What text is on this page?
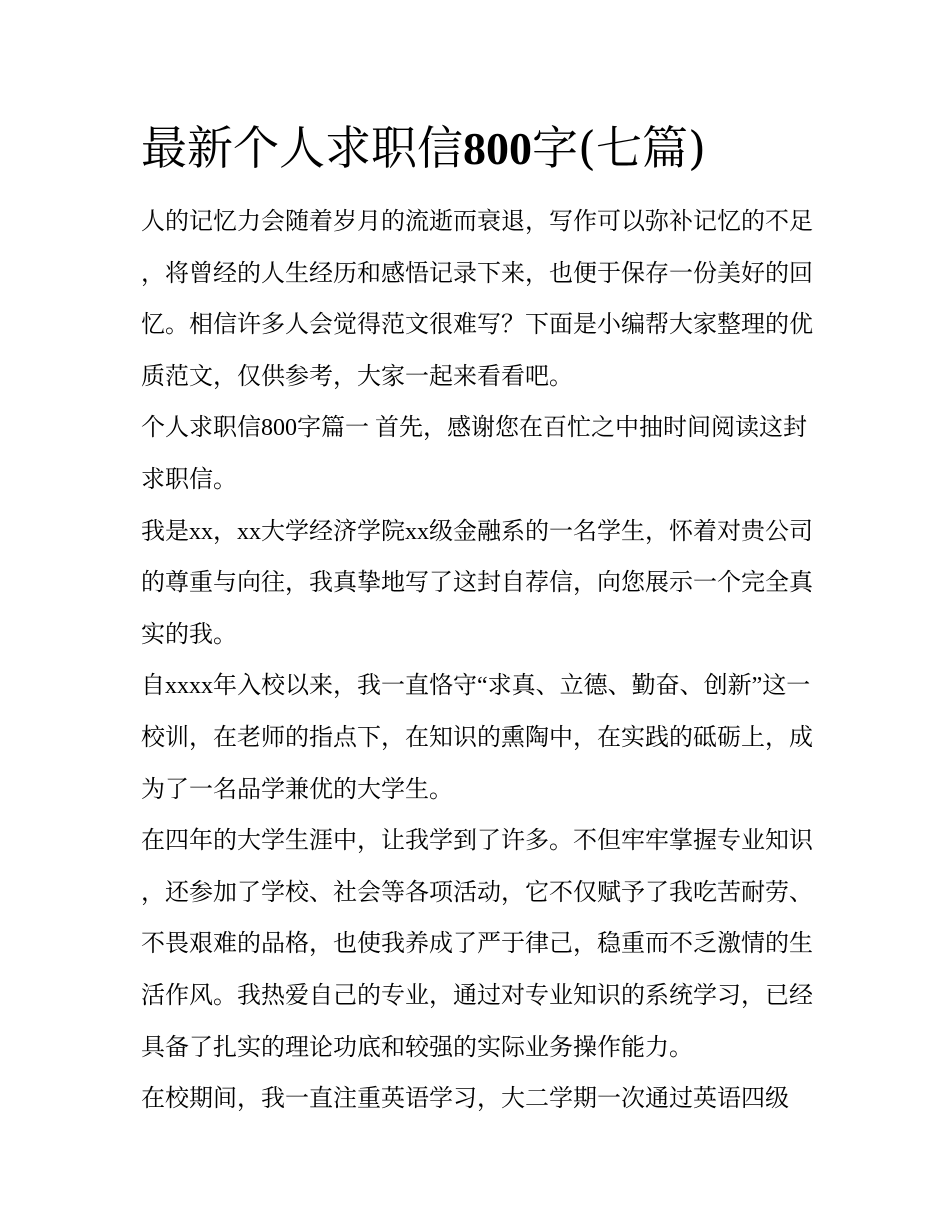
最新个人求职信800字(七篇)

人的记忆力会随着岁月的流逝而衰退，写作可以弥补记忆的不足，将曾经的人生经历和感悟记录下来，也便于保存一份美好的回忆。相信许多人会觉得范文很难写？下面是小编帮大家整理的优质范文，仅供参考，大家一起来看看吧。

个人求职信800字篇一 首先，感谢您在百忙之中抽时间阅读这封求职信。

我是xx，xx大学经济学院xx级金融系的一名学生，怀着对贵公司的尊重与向往，我真挚地写了这封自荐信，向您展示一个完全真实的我。

自xxxx年入校以来，我一直恪守“求真、立德、勤奋、创新”这一校训，在老师的指点下，在知识的熏陶中，在实践的砥砺上，成为了一名品学兼优的大学生。

在四年的大学生涯中，让我学到了许多。不但牢牢掌握专业知识，还参加了学校、社会等各项活动，它不仅赋予了我吃苦耐劳、不畏艰难的品格，也使我养成了严于律己，稳重而不乏激情的生活作风。我热爱自己的专业，通过对专业知识的系统学习，已经具备了扎实的理论功底和较强的实际业务操作能力。

在校期间，我一直注重英语学习，大二学期一次通过英语四级
